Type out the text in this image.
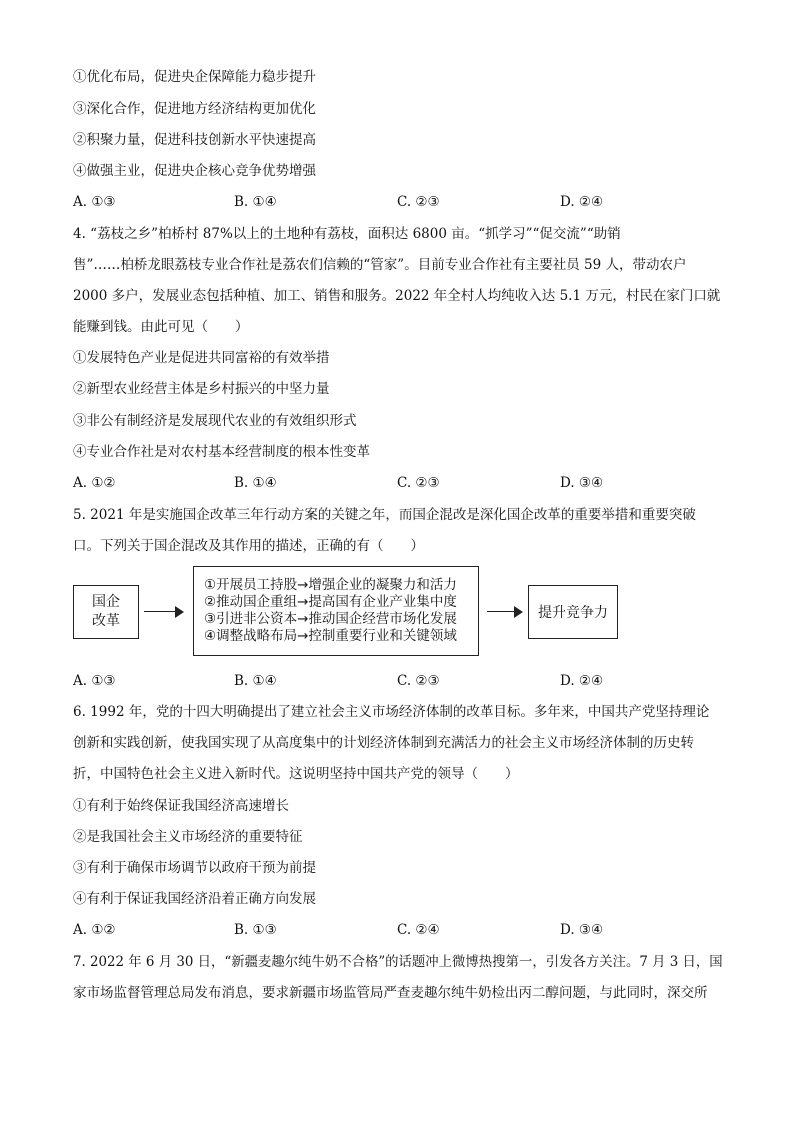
①优化布局，促进央企保障能力稳步提升
③深化合作，促进地方经济结构更加优化
②积聚力量，促进科技创新水平快速提高
④做强主业，促进央企核心竞争优势增强
A. ①③	B. ①④	C. ②③	D. ②④
4. “荔枝之乡”柏桥村 87%以上的土地种有荔枝，面积达 6800 亩。“抓学习”“促交流”“助销
售”……柏桥龙眼荔枝专业合作社是荔农们信赖的“管家”。目前专业合作社有主要社员 59 人，带动农户
2000 多户，发展业态包括种植、加工、销售和服务。2022 年全村人均纯收入达 5.1 万元，村民在家门口就
能赚到钱。由此可见（　　）
①发展特色产业是促进共同富裕的有效举措
②新型农业经营主体是乡村振兴的中坚力量
③非公有制经济是发展现代农业的有效组织形式
④专业合作社是对农村基本经营制度的根本性变革
A. ①②	B. ①④	C. ②③	D. ③④
5. 2021 年是实施国企改革三年行动方案的关键之年，而国企混改是深化国企改革的重要举措和重要突破
口。下列关于国企混改及其作用的描述，正确的有（　　）
国企
改革
①开展员工持股→增强企业的凝聚力和活力
②推动国企重组→提高国有企业产业集中度
③引进非公资本→推动国企经营市场化发展
④调整战略布局→控制重要行业和关键领域
提升竞争力
A. ①③	B. ①④	C. ②③	D. ②④
6. 1992 年，党的十四大明确提出了建立社会主义市场经济体制的改革目标。多年来，中国共产党坚持理论
创新和实践创新，使我国实现了从高度集中的计划经济体制到充满活力的社会主义市场经济体制的历史转
折，中国特色社会主义进入新时代。这说明坚持中国共产党的领导（　　）
①有利于始终保证我国经济高速增长
②是我国社会主义市场经济的重要特征
③有利于确保市场调节以政府干预为前提
④有利于保证我国经济沿着正确方向发展
A. ①②	B. ①③	C. ②④	D. ③④
7. 2022 年 6 月 30 日，“新疆麦趣尔纯牛奶不合格”的话题冲上微博热搜第一，引发各方关注。7 月 3 日，国
家市场监督管理总局发布消息，要求新疆市场监管局严查麦趣尔纯牛奶检出丙二醇问题，与此同时，深交所
